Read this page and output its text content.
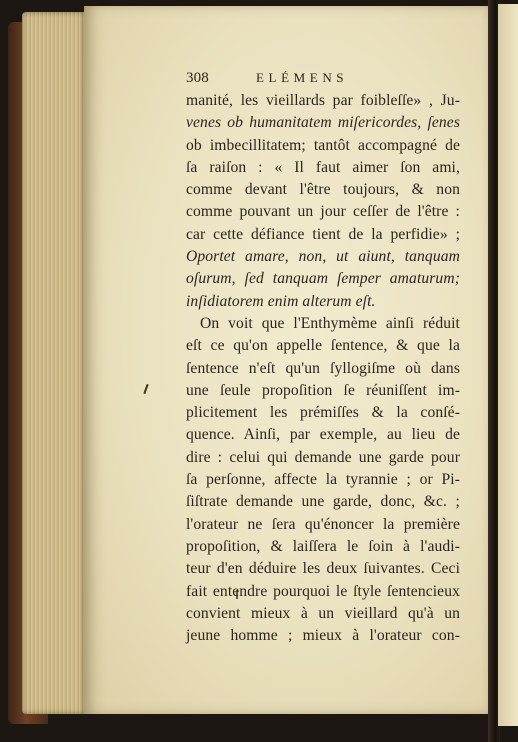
308	ELÉMENS
manité, les vieillards par foibleſſe» , Ju-
venes ob humanitatem miſericordes, ſenes
ob imbecillitatem; tantôt accompagné de
ſa raiſon : « Il faut aimer ſon ami,
comme devant l'être toujours, & non
comme pouvant un jour ceſſer de l'être :
car cette défiance tient de la perfidie» ;
Oportet amare, non, ut aiunt, tanquam
oſurum, ſed tanquam ſemper amaturum;
inſidiatorem enim alterum eſt.
On voit que l'Enthymème ainſi réduit
eſt ce qu'on appelle ſentence, & que la
ſentence n'eſt qu'un ſyllogiſme où dans
une ſeule propoſition ſe réuniſſent im-
plicitement les prémiſſes & la conſé-
quence. Ainſi, par exemple, au lieu de
dire : celui qui demande une garde pour
ſa perſonne, affecte la tyrannie ; or Pi-
ſiſtrate demande une garde, donc, &c. ;
l'orateur ne ſera qu'énoncer la première
propoſition, & laiſſera le ſoin à l'audi-
teur d'en déduire les deux ſuivantes. Ceci
fait entendre pourquoi le ſtyle ſentencieux
convient mieux à un vieillard qu'à un
jeune homme ; mieux à l'orateur con-
